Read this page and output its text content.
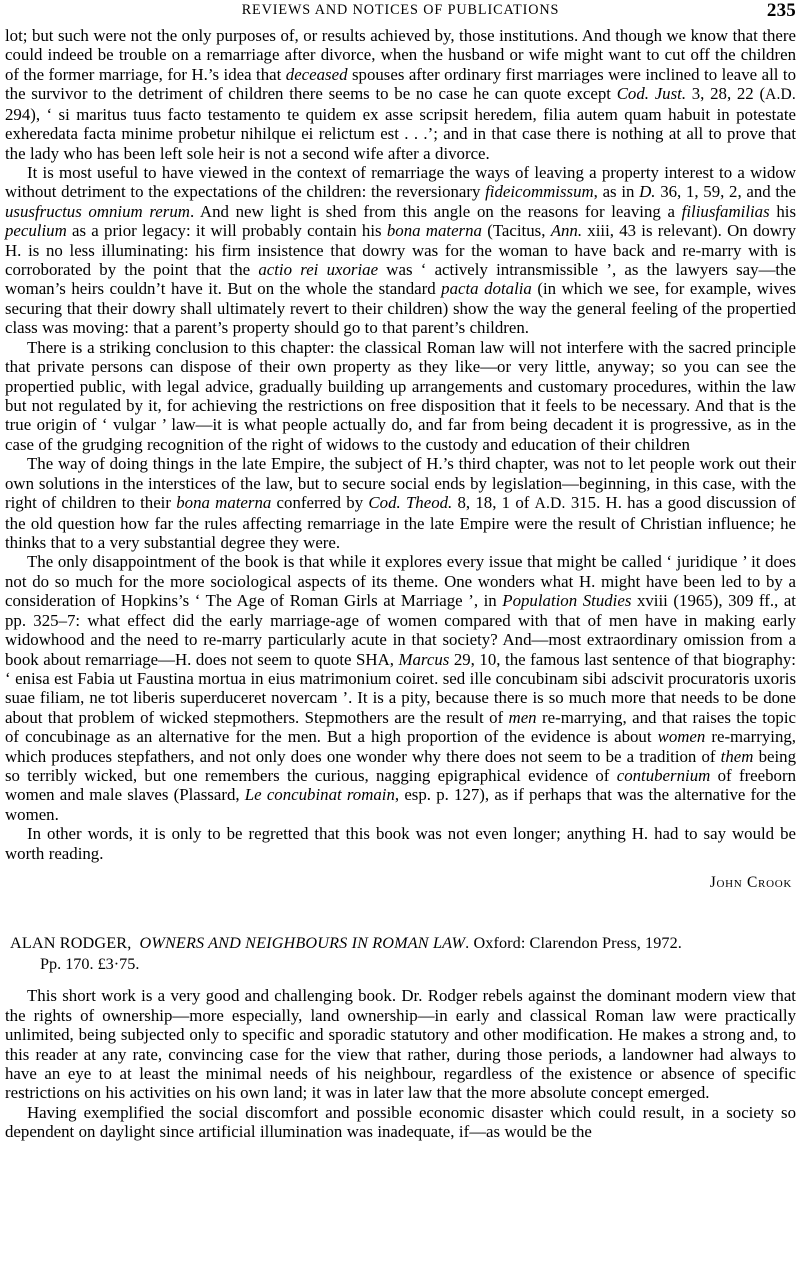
REVIEWS AND NOTICES OF PUBLICATIONS	235

lot; but such were not the only purposes of, or results achieved by, those institutions. And though we know that there could indeed be trouble on a remarriage after divorce, when the husband or wife might want to cut off the children of the former marriage, for H.’s idea that deceased spouses after ordinary first marriages were inclined to leave all to the survivor to the detriment of children there seems to be no case he can quote except Cod. Just. 3, 28, 22 (A.D. 294), ‘ si maritus tuus facto testamento te quidem ex asse scripsit heredem, filia autem quam habuit in potestate exheredata facta minime probetur nihilque ei relictum est . . .’; and in that case there is nothing at all to prove that the lady who has been left sole heir is not a second wife after a divorce.

It is most useful to have viewed in the context of remarriage the ways of leaving a property interest to a widow without detriment to the expectations of the children: the reversionary fideicommissum, as in D. 36, 1, 59, 2, and the ususfructus omnium rerum. And new light is shed from this angle on the reasons for leaving a filiusfamilias his peculium as a prior legacy: it will probably contain his bona materna (Tacitus, Ann. xiii, 43 is relevant). On dowry H. is no less illuminating: his firm insistence that dowry was for the woman to have back and re-marry with is corroborated by the point that the actio rei uxoriae was ‘ actively intransmissible ’, as the lawyers say—the woman’s heirs couldn’t have it. But on the whole the standard pacta dotalia (in which we see, for example, wives securing that their dowry shall ultimately revert to their children) show the way the general feeling of the propertied class was moving: that a parent’s property should go to that parent’s children.

There is a striking conclusion to this chapter: the classical Roman law will not interfere with the sacred principle that private persons can dispose of their own property as they like—or very little, anyway; so you can see the propertied public, with legal advice, gradually building up arrangements and customary procedures, within the law but not regulated by it, for achieving the restrictions on free disposition that it feels to be necessary. And that is the true origin of ‘ vulgar ’ law—it is what people actually do, and far from being decadent it is progressive, as in the case of the grudging recognition of the right of widows to the custody and education of their children

The way of doing things in the late Empire, the subject of H.’s third chapter, was not to let people work out their own solutions in the interstices of the law, but to secure social ends by legislation—beginning, in this case, with the right of children to their bona materna conferred by Cod. Theod. 8, 18, 1 of A.D. 315. H. has a good discussion of the old question how far the rules affecting remarriage in the late Empire were the result of Christian influence; he thinks that to a very substantial degree they were.

The only disappointment of the book is that while it explores every issue that might be called ‘ juridique ’ it does not do so much for the more sociological aspects of its theme. One wonders what H. might have been led to by a consideration of Hopkins’s ‘ The Age of Roman Girls at Marriage ’, in Population Studies xviii (1965), 309 ff., at pp. 325–7: what effect did the early marriage-age of women compared with that of men have in making early widowhood and the need to re-marry particularly acute in that society? And—most extraordinary omission from a book about remarriage—H. does not seem to quote SHA, Marcus 29, 10, the famous last sentence of that biography: ‘ enisa est Fabia ut Faustina mortua in eius matrimonium coiret. sed ille concubinam sibi adscivit procuratoris uxoris suae filiam, ne tot liberis superduceret novercam ’. It is a pity, because there is so much more that needs to be done about that problem of wicked stepmothers. Stepmothers are the result of men re-marrying, and that raises the topic of concubinage as an alternative for the men. But a high proportion of the evidence is about women re-marrying, which produces stepfathers, and not only does one wonder why there does not seem to be a tradition of them being so terribly wicked, but one remembers the curious, nagging epigraphical evidence of contubernium of freeborn women and male slaves (Plassard, Le concubinat romain, esp. p. 127), as if perhaps that was the alternative for the women.

In other words, it is only to be regretted that this book was not even longer; anything H. had to say would be worth reading.

John Crook
ALAN RODGER, OWNERS AND NEIGHBOURS IN ROMAN LAW. Oxford: Clarendon Press, 1972.
Pp. 170. £3·75.

This short work is a very good and challenging book. Dr. Rodger rebels against the dominant modern view that the rights of ownership—more especially, land ownership—in early and classical Roman law were practically unlimited, being subjected only to specific and sporadic statutory and other modification. He makes a strong and, to this reader at any rate, convincing case for the view that rather, during those periods, a landowner had always to have an eye to at least the minimal needs of his neighbour, regardless of the existence or absence of specific restrictions on his activities on his own land; it was in later law that the more absolute concept emerged.

Having exemplified the social discomfort and possible economic disaster which could result, in a society so dependent on daylight since artificial illumination was inadequate, if—as would be the
